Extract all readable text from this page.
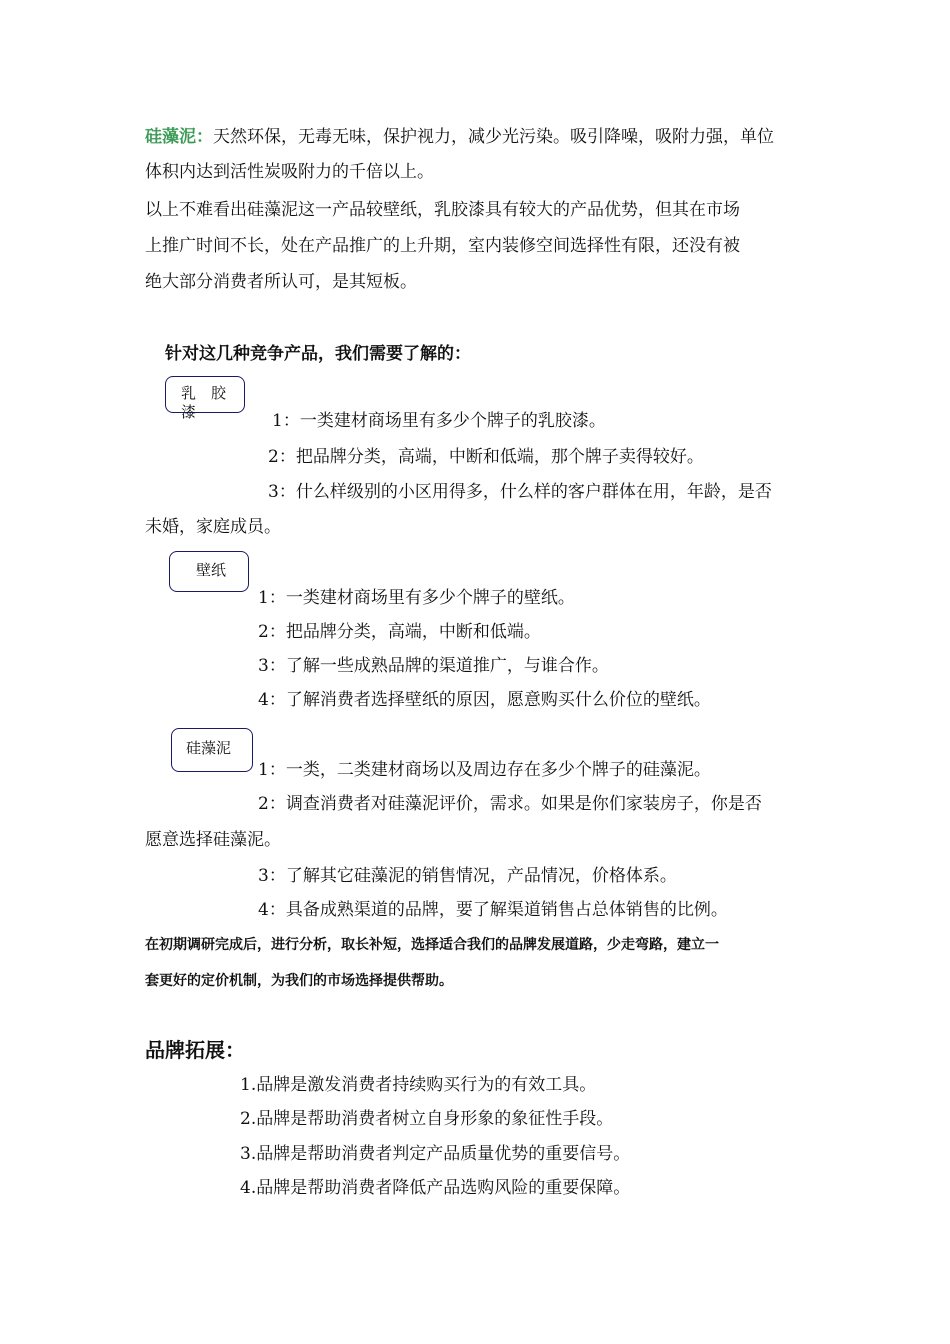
硅藻泥：天然环保，无毒无味，保护视力，减少光污染。吸引降噪，吸附力强，单位
体积内达到活性炭吸附力的千倍以上。
以上不难看出硅藻泥这一产品较壁纸，乳胶漆具有较大的产品优势，但其在市场
上推广时间不长，处在产品推广的上升期，室内装修空间选择性有限，还没有被
绝大部分消费者所认可，是其短板。
针对这几种竞争产品，我们需要了解的：
乳　胶
漆	1：一类建材商场里有多少个牌子的乳胶漆。
2：把品牌分类，高端，中断和低端，那个牌子卖得较好。
3：什么样级别的小区用得多，什么样的客户群体在用，年龄，是否
未婚，家庭成员。
壁纸
1：一类建材商场里有多少个牌子的壁纸。
2：把品牌分类，高端，中断和低端。
3：了解一些成熟品牌的渠道推广，与谁合作。
4：了解消费者选择壁纸的原因，愿意购买什么价位的壁纸。
硅藻泥
1：一类，二类建材商场以及周边存在多少个牌子的硅藻泥。
2：调查消费者对硅藻泥评价，需求。如果是你们家装房子，你是否
愿意选择硅藻泥。
3：了解其它硅藻泥的销售情况，产品情况，价格体系。
4：具备成熟渠道的品牌，要了解渠道销售占总体销售的比例。
在初期调研完成后，进行分析，取长补短，选择适合我们的品牌发展道路，少走弯路，建立一
套更好的定价机制，为我们的市场选择提供帮助。
品牌拓展：
1.品牌是激发消费者持续购买行为的有效工具。
2.品牌是帮助消费者树立自身形象的象征性手段。
3.品牌是帮助消费者判定产品质量优势的重要信号。
4.品牌是帮助消费者降低产品选购风险的重要保障。
